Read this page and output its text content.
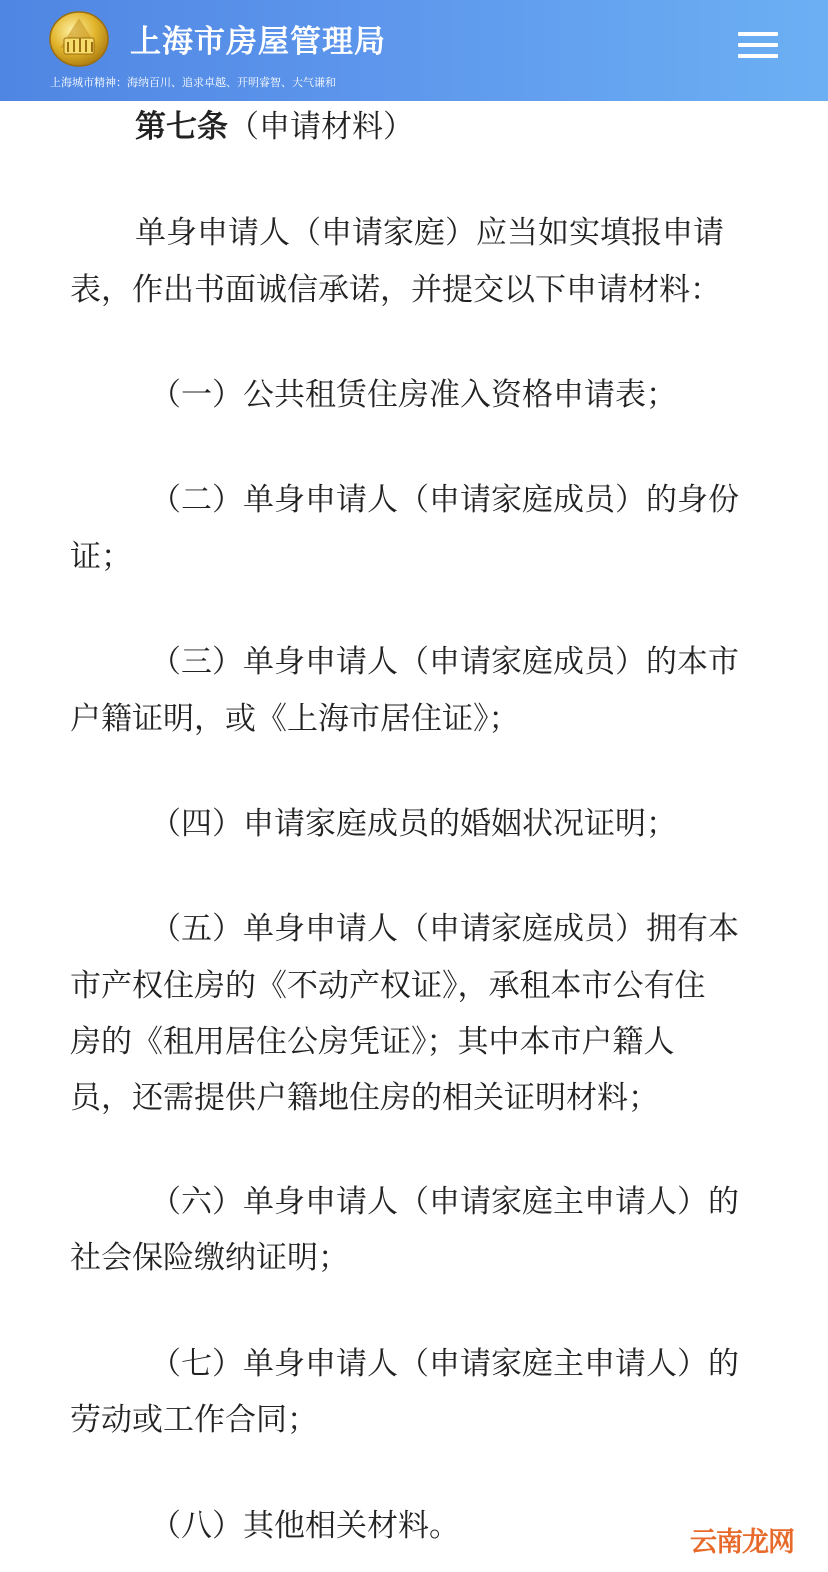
上海市房屋管理局
上海城市精神：海纳百川、追求卓越、开明睿智、大气谦和
第七条（申请材料）
单身申请人（申请家庭）应当如实填报申请
表，作出书面诚信承诺，并提交以下申请材料：
（一）公共租赁住房准入资格申请表；
（二）单身申请人（申请家庭成员）的身份
证；
（三）单身申请人（申请家庭成员）的本市
户籍证明，或《上海市居住证》；
（四）申请家庭成员的婚姻状况证明；
（五）单身申请人（申请家庭成员）拥有本
市产权住房的《不动产权证》，承租本市公有住
房的《租用居住公房凭证》；其中本市户籍人
员，还需提供户籍地住房的相关证明材料；
（六）单身申请人（申请家庭主申请人）的
社会保险缴纳证明；
（七）单身申请人（申请家庭主申请人）的
劳动或工作合同；
（八）其他相关材料。	云南龙网
